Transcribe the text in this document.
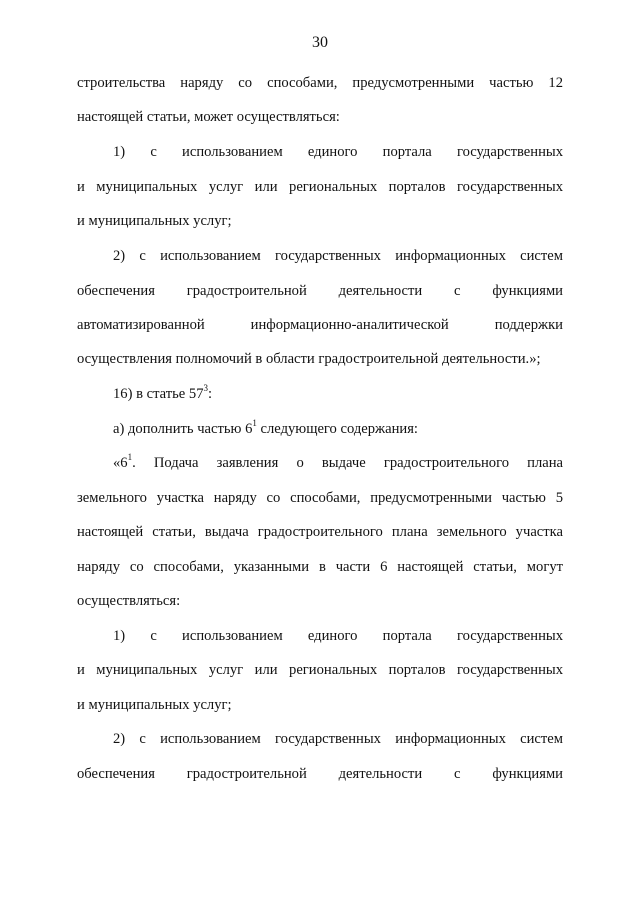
30
строительства наряду со способами, предусмотренными частью 12
настоящей статьи, может осуществляться:
1) с использованием единого портала государственных
и муниципальных услуг или региональных порталов государственных
и муниципальных услуг;
2) с использованием государственных информационных систем
обеспечения градостроительной деятельности с функциями
автоматизированной информационно-аналитической поддержки
осуществления полномочий в области градостроительной деятельности.»;
16) в статье $57^3$:
а) дополнить частью $6^1$ следующего содержания:
«$6^1$. Подача заявления о выдаче градостроительного плана
земельного участка наряду со способами, предусмотренными частью 5
настоящей статьи, выдача градостроительного плана земельного участка
наряду со способами, указанными в части 6 настоящей статьи, могут
осуществляться:
1) с использованием единого портала государственных
и муниципальных услуг или региональных порталов государственных
и муниципальных услуг;
2) с использованием государственных информационных систем
обеспечения градостроительной деятельности с функциями
